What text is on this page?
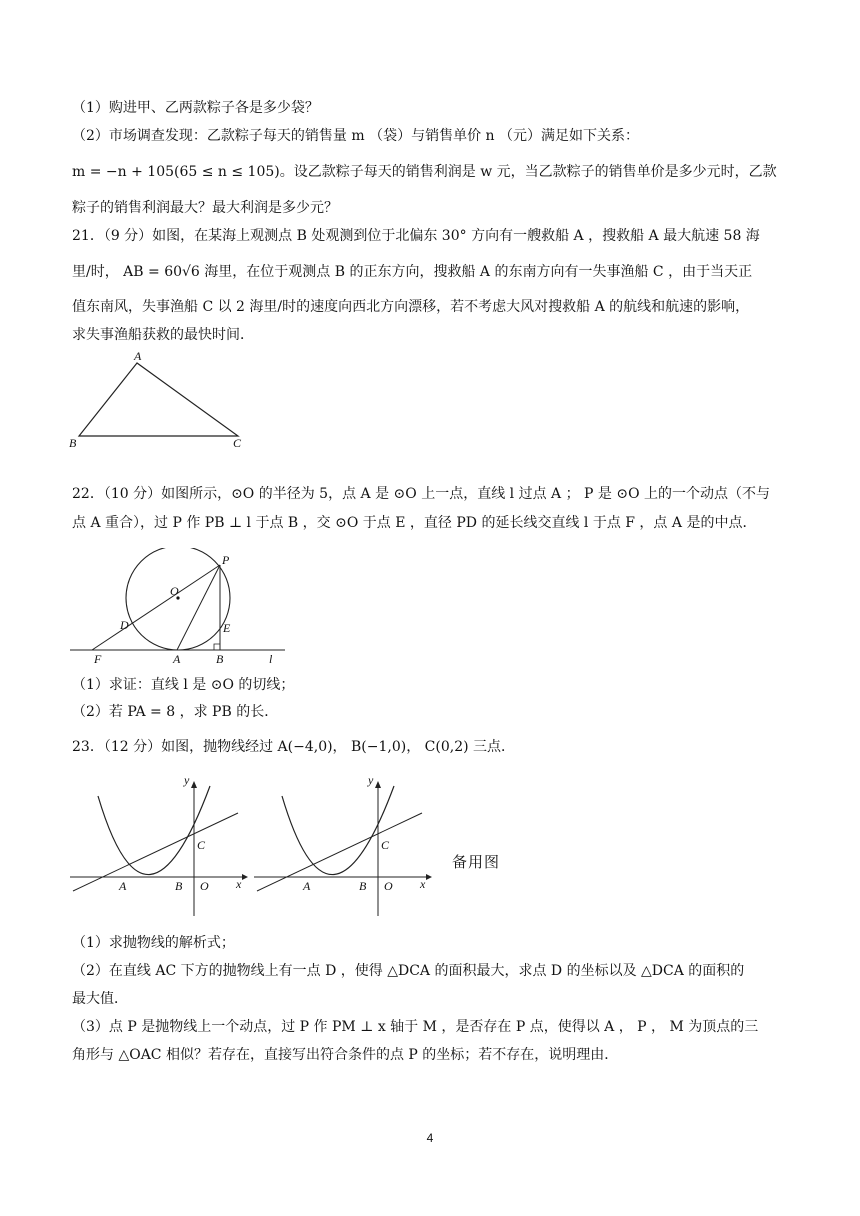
（1）购进甲、乙两款粽子各是多少袋？
（2）市场调查发现：乙款粽子每天的销售量 m （袋）与销售单价 n （元）满足如下关系：
m = −n + 105(65 ≤ n ≤ 105)。设乙款粽子每天的销售利润是 w 元，当乙款粽子的销售单价是多少元时，乙款
粽子的销售利润最大？最大利润是多少元？
21．（9 分）如图，在某海上观测点 B 处观测到位于北偏东 30° 方向有一艘救船 A ，搜救船 A 最大航速 58 海
里/时， AB = 60√6 海里，在位于观测点 B 的正东方向，搜救船 A 的东南方向有一失事渔船 C ，由于当天正
值东南风，失事渔船 C 以 2 海里/时的速度向西北方向漂移，若不考虑大风对搜救船 A 的航线和航速的影响，
求失事渔船获救的最快时间．
A
B	C
22．（10 分）如图所示，⊙O 的半径为 5，点 A 是 ⊙O 上一点，直线 l 过点 A ； P 是 ⊙O 上的一个动点（不与
点 A 重合），过 P 作 PB ⊥ l 于点 B ，交 ⊙O 于点 E ，直径 PD 的延长线交直线 l 于点 F ，点 A 是的中点．
P
O
D	E
F	A	B	l
（1）求证：直线 l 是 ⊙O 的切线；
（2）若 PA = 8 ，求 PB 的长．
23．（12 分）如图，抛物线经过 A(−4,0)， B(−1,0)， C(0,2) 三点．
y
x
A	B O
C
y
x
A	B O
C
备用图
（1）求抛物线的解析式；
（2）在直线 AC 下方的抛物线上有一点 D ，使得 △DCA 的面积最大，求点 D 的坐标以及 △DCA 的面积的
最大值．
（3）点 P 是抛物线上一个动点，过 P 作 PM ⊥ x 轴于 M ，是否存在 P 点，使得以 A ， P ， M 为顶点的三
角形与 △OAC 相似？若存在，直接写出符合条件的点 P 的坐标；若不存在，说明理由．
4
